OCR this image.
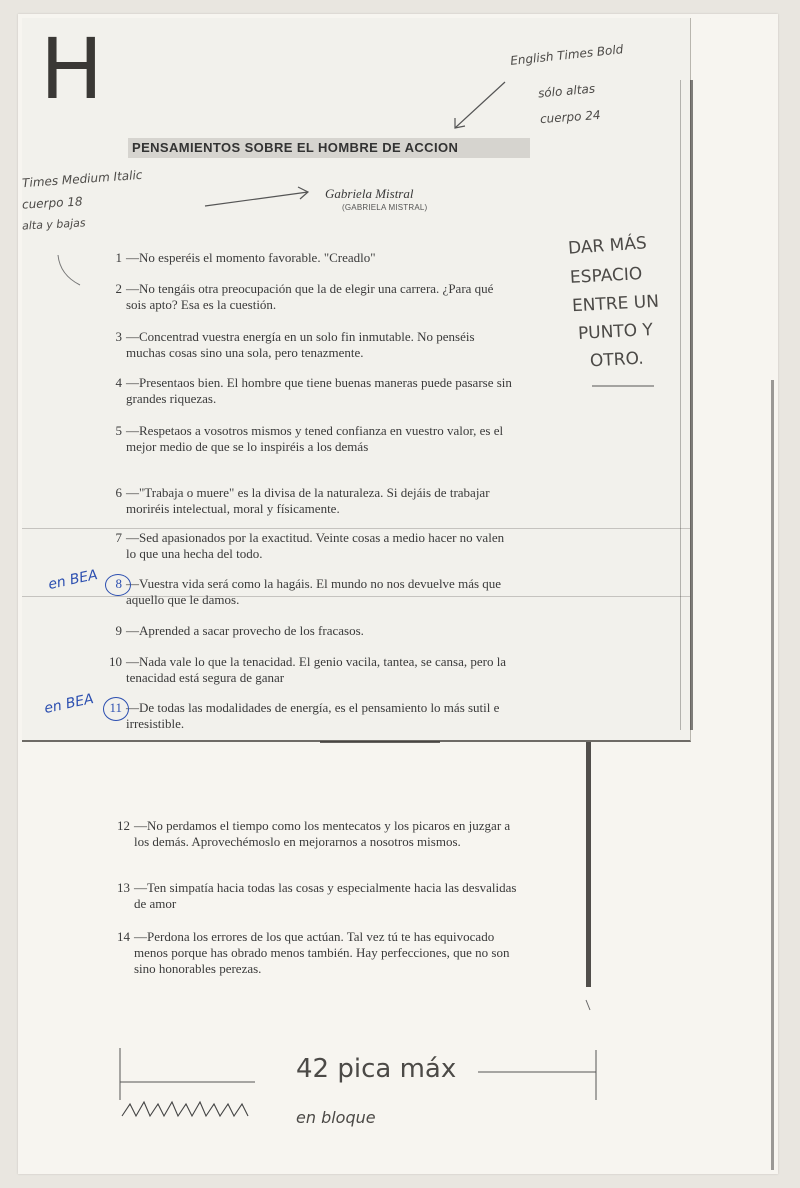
PENSAMIENTOS SOBRE EL HOMBRE DE ACCION
Gabriela Mistral
(GABRIELA MISTRAL)
1 —No esperéis el momento favorable. "Creadlo"
2 —No tengáis otra preocupación que la de elegir una carrera. ¿Para qué sois apto? Esa es la cuestión.
3 —Concentrad vuestra energía en un solo fin inmutable. No penséis muchas cosas sino una sola, pero tenazmente.
4 —Presentaos bien. El hombre que tiene buenas maneras puede pasarse sin grandes riquezas.
5 —Respetaos a vosotros mismos y tened confianza en vuestro valor, es el mejor medio de que se lo inspiréis a los demás
6 —"Trabaja o muere" es la divisa de la naturaleza. Si dejáis de trabajar moriréis intelectual, moral y físicamente.
7 —Sed apasionados por la exactitud. Veinte cosas a medio hacer no valen lo que una hecha del todo.
8 —Vuestra vida será como la hagáis. El mundo no nos devuelve más que aquello que le damos.
9 —Aprended a sacar provecho de los fracasos.
10 —Nada vale lo que la tenacidad. El genio vacila, tantea, se cansa, pero la tenacidad está segura de ganar
11 —De todas las modalidades de energía, es el pensamiento lo más sutil e irresistible.
12 —No perdamos el tiempo como los mentecatos y los picaros en juzgar a los demás. Aprovechémoslo en mejorarnos a nosotros mismos.
13 —Ten simpatía hacia todas las cosas y especialmente hacia las desvalidas de amor
14 —Perdona los errores de los que actúan. Tal vez tú te has equivocado menos porque has obrado menos también. Hay perfecciones, que no son sino honorables perezas.
H	English Times Bold
sólo altas
cuerpo 24
Times Medium Italic
cuerpo 18
alta y bajas
DAR MÁS
ESPACIO
ENTRE UN
PUNTO Y
OTRO.
en BEA
en BEA
42 pica máx
en bloque
